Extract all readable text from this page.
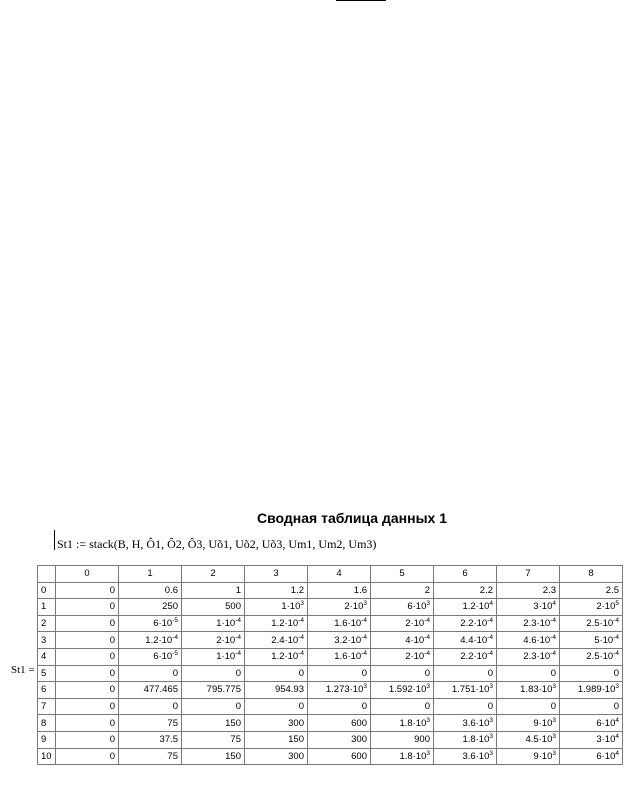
Сводная таблица данных 1
St1 := stack(B, H, Ô1, Ô2, Ô3, Uõ1, Uõ2, Uõ3, Um1, Um2, Um3)
St1 =
	0	1	2	3	4	5	6	7	8
0	0	0.6	1	1.2	1.6	2	2.2	2.3	2.5
1	0	250	500	$1\cdot 10^3$	$2\cdot 10^3$	$6\cdot 10^3$	$1.2\cdot 10^4$	$3\cdot 10^4$	$2\cdot 10^5$
2	0	$6\cdot 10^{-5}$	$1\cdot 10^{-4}$	$1.2\cdot 10^{-4}$	$1.6\cdot 10^{-4}$	$2\cdot 10^{-4}$	$2.2\cdot 10^{-4}$	$2.3\cdot 10^{-4}$	$2.5\cdot 10^{-4}$
3	0	$1.2\cdot 10^{-4}$	$2\cdot 10^{-4}$	$2.4\cdot 10^{-4}$	$3.2\cdot 10^{-4}$	$4\cdot 10^{-4}$	$4.4\cdot 10^{-4}$	$4.6\cdot 10^{-4}$	$5\cdot 10^{-4}$
4	0	$6\cdot 10^{-5}$	$1\cdot 10^{-4}$	$1.2\cdot 10^{-4}$	$1.6\cdot 10^{-4}$	$2\cdot 10^{-4}$	$2.2\cdot 10^{-4}$	$2.3\cdot 10^{-4}$	$2.5\cdot 10^{-4}$
5	0	0	0	0	0	0	0	0	0
6	0	477.465	795.775	954.93	$1.273\cdot 10^3$	$1.592\cdot 10^3$	$1.751\cdot 10^3$	$1.83\cdot 10^3$	$1.989\cdot 10^3$
7	0	0	0	0	0	0	0	0	0
8	0	75	150	300	600	$1.8\cdot 10^3$	$3.6\cdot 10^3$	$9\cdot 10^3$	$6\cdot 10^4$
9	0	37.5	75	150	300	900	$1.8\cdot 10^3$	$4.5\cdot 10^3$	$3\cdot 10^4$
10	0	75	150	300	600	$1.8\cdot 10^3$	$3.6\cdot 10^3$	$9\cdot 10^3$	$6\cdot 10^4$
